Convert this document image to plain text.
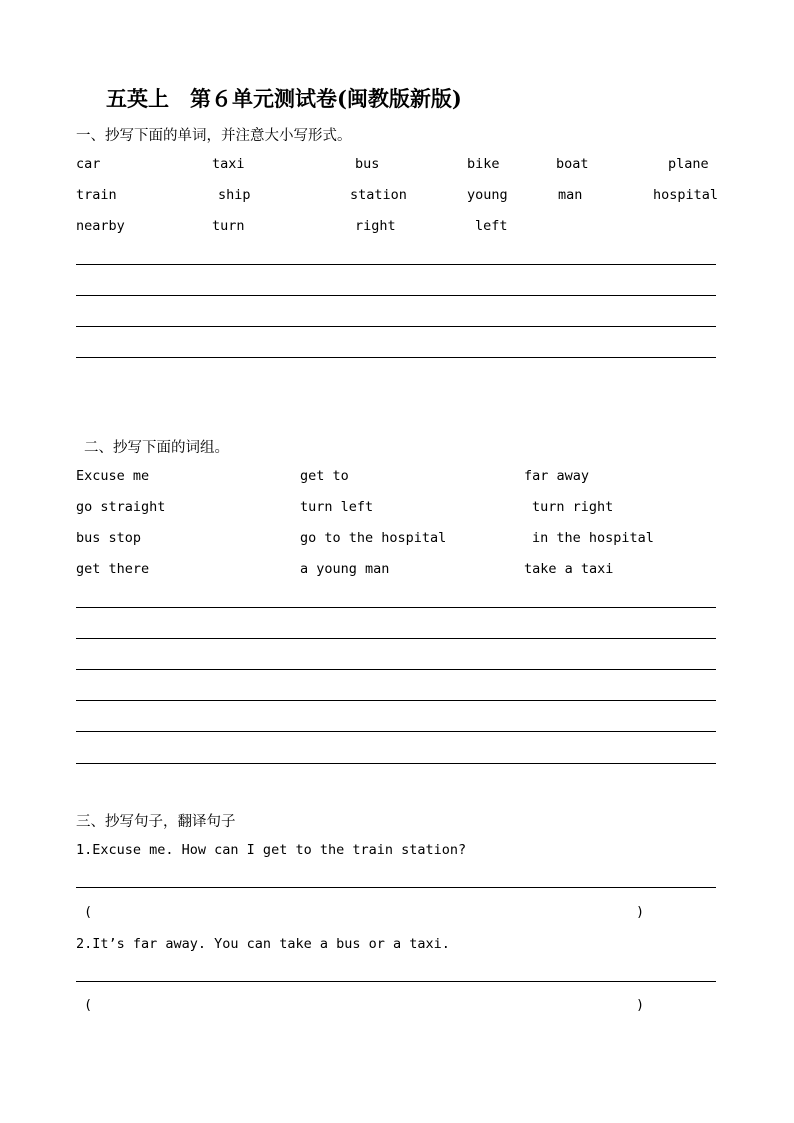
五英上　第６单元测试卷(闽教版新版)
一、抄写下面的单词，并注意大小写形式。
car	taxi	bus	bike	boat	plane
train	ship	station	young	man	hospital
nearby	turn	right	left
二、抄写下面的词组。
Excuse me	get to	far away
go straight	turn left	turn right
bus stop	go to the hospital	in the hospital
get there	a young man	take a taxi
三、抄写句子，翻译句子
1.Excuse me. How can I get to the train station?
(	)
2.It’s far away. You can take a bus or a taxi.
(	)
